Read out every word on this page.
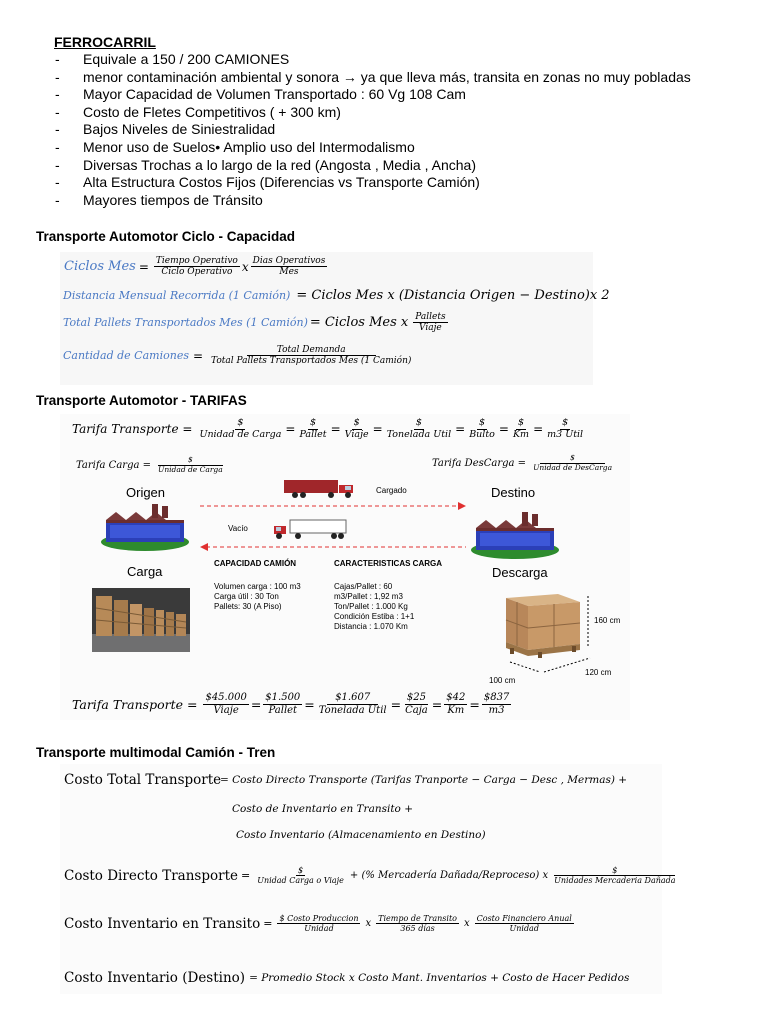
FERROCARRIL
- Equivale a 150 / 200 CAMIONES
- menor contaminación ambiental y sonora → ya que lleva más, transita en zonas no muy pobladas
- Mayor Capacidad de Volumen Transportado : 60 Vg 108 Cam
- Costo de Fletes Competitivos ( + 300 km)
- Bajos Niveles de Siniestralidad
- Menor uso de Suelos• Amplio uso del Intermodalismo
- Diversas Trochas a lo largo de la red (Angosta , Media , Ancha)
- Alta Estructura Costos Fijos (Diferencias vs Transporte Camión)
- Mayores tiempos de Tránsito
Transporte Automotor Ciclo - Capacidad
Ciclos Mes = $\frac{\text{Tiempo Operativo}}{\text{Ciclo Operativo}}$ x $\frac{\text{Dias Operativos}}{\text{Mes}}$
Distancia Mensual Recorrida (1 Camión) = Ciclos Mes x (Distancia Origen − Destino)x 2
Total Pallets Transportados Mes (1 Camión) = Ciclos Mes x $\frac{\text{Pallets}}{\text{Viaje}}$
Cantidad de Camiones = $\frac{\text{Total Demanda}}{\text{Total Pallets Transportados Mes (1 Camión)}}$
Transporte Automotor - TARIFAS
Tarifa Transporte = $\frac{\$}{\text{Unidad de Carga}} = \frac{\$}{\text{Pallet}} = \frac{\$}{\text{Viaje}} = \frac{\$}{\text{Tonelada Util}} = \frac{\$}{\text{Bulto}} = \frac{\$}{Km} = \frac{\$}{\text{m3 Util}}$
Tarifa Carga = $\frac{\$}{\text{Unidad de Carga}}$	Tarifa DesCarga = $\frac{\$}{\text{Unidad de DesCarga}}$
Origen	Destino
Cargado
Vacío
Carga	Descarga
CAPACIDAD CAMIÓN
Volumen carga : 100 m3
Carga útil : 30 Ton
Pallets: 30 (A Piso)
CARACTERISTICAS CARGA
Cajas/Pallet : 60
m3/Pallet : 1,92 m3
Ton/Pallet : 1.000 Kg
Condición Estiba : 1+1
Distancia : 1.070 Km
160 cm
120 cm
100 cm
Tarifa Transporte = $\frac{\$45.000}{\text{Viaje}} = \frac{\$1.500}{\text{Pallet}} = \frac{\$1.607}{\text{Tonelada Util}} = \frac{\$25}{\text{Caja}} = \frac{\$42}{Km} = \frac{\$837}{m3}$
Transporte multimodal Camión - Tren
Costo Total Transporte
= Costo Directo Transporte (Tarifas Tranporte − Carga − Desc , Mermas) +
Costo de Inventario en Transito +
Costo Inventario (Almacenamiento en Destino)
Costo Directo Transporte = $\frac{\$}{\text{Unidad Carga o Viaje}}$ + (% Mercadería Dañada/Reproceso) x $\frac{\$}{\text{Unidades Mercaderia Dañada}}$
Costo Inventario en Transito = $\frac{\text{\$ Costo Produccion}}{\text{Unidad}}$ x $\frac{\text{Tiempo de Transito}}{\text{365 días}}$ x $\frac{\text{Costo Financiero Anual}}{\text{Unidad}}$
Costo Inventario (Destino) = Promedio Stock x Costo Mant. Inventarios + Costo de Hacer Pedidos
